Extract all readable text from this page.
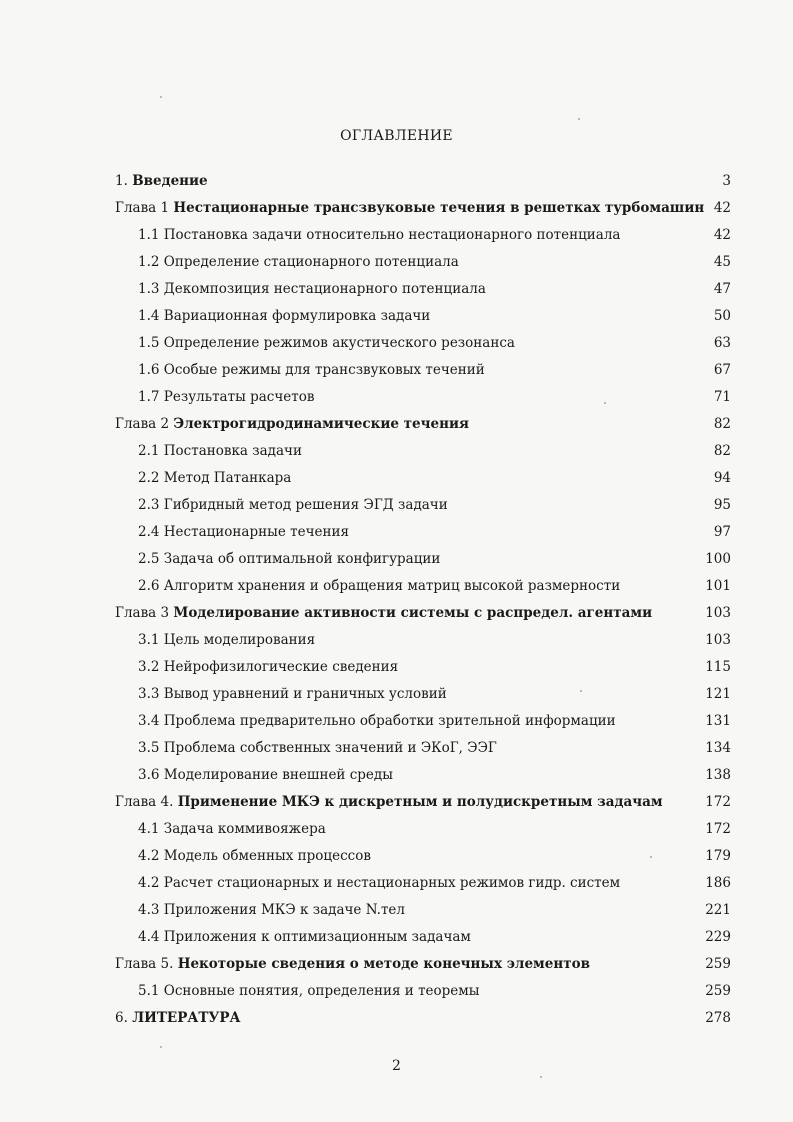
ОГЛАВЛЕНИЕ
1. Введение	3
Глава 1 Нестационарные трансзвуковые течения в решетках турбомашин 42
1.1 Постановка задачи относительно нестационарного потенциала	42
1.2 Определение стационарного потенциала	45
1.3 Декомпозиция нестационарного потенциала	47
1.4 Вариационная формулировка задачи	50
1.5 Определение режимов акустического резонанса	63
1.6 Особые режимы для трансзвуковых течений	67
1.7 Результаты расчетов	71
Глава 2 Электрогидродинамические течения	82
2.1 Постановка задачи	82
2.2 Метод Патанкара	94
2.3 Гибридный метод решения ЭГД задачи	95
2.4 Нестационарные течения	97
2.5 Задача об оптимальной конфигурации	100
2.6 Алгоритм хранения и обращения матриц высокой размерности	101
Глава 3 Моделирование активности системы с распредел. агентами	103
3.1 Цель моделирования	103
3.2 Нейрофизилогические сведения	115
3.3 Вывод уравнений и граничных условий	121
3.4 Проблема предварительно обработки зрительной информации	131
3.5 Проблема собственных значений и ЭКоГ, ЭЭГ	134
3.6 Моделирование внешней среды	138
Глава 4. Применение МКЭ к дискретным и полудискретным задачам	172
4.1 Задача коммивояжера	172
4.2 Модель обменных процессов	179
4.2 Расчет стационарных и нестационарных режимов гидр. систем	186
4.3 Приложения МКЭ к задаче N.тел	221
4.4 Приложения к оптимизационным задачам	229
Глава 5. Некоторые сведения о методе конечных элементов	259
5.1 Основные понятия, определения и теоремы	259
6. ЛИТЕРАТУРА	278
2
